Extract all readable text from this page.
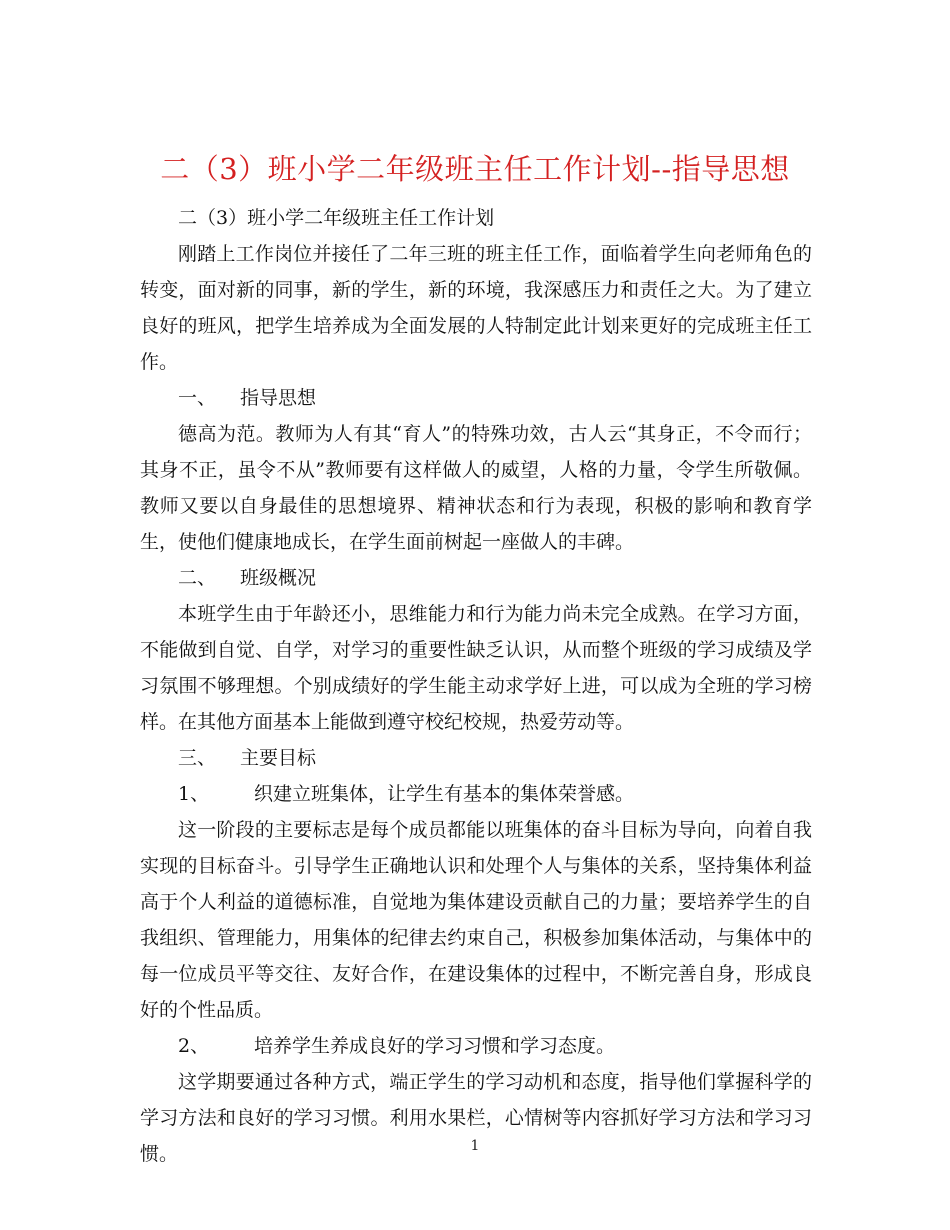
二（3）班小学二年级班主任工作计划--指导思想

二（3）班小学二年级班主任工作计划

刚踏上工作岗位并接任了二年三班的班主任工作，面临着学生向老师角色的转变，面对新的同事，新的学生，新的环境，我深感压力和责任之大。为了建立良好的班风，把学生培养成为全面发展的人特制定此计划来更好的完成班主任工作。

一、 指导思想

德高为范。教师为人有其“育人”的特殊功效，古人云“其身正，不令而行；其身不正，虽令不从”教师要有这样做人的威望，人格的力量，令学生所敬佩。教师又要以自身最佳的思想境界、精神状态和行为表现，积极的影响和教育学生，使他们健康地成长，在学生面前树起一座做人的丰碑。

二、 班级概况

本班学生由于年龄还小，思维能力和行为能力尚未完全成熟。在学习方面，不能做到自觉、自学，对学习的重要性缺乏认识，从而整个班级的学习成绩及学习氛围不够理想。个别成绩好的学生能主动求学好上进，可以成为全班的学习榜样。在其他方面基本上能做到遵守校纪校规，热爱劳动等。

三、 主要目标

1、 织建立班集体，让学生有基本的集体荣誉感。

这一阶段的主要标志是每个成员都能以班集体的奋斗目标为导向，向着自我实现的目标奋斗。引导学生正确地认识和处理个人与集体的关系，坚持集体利益高于个人利益的道德标准，自觉地为集体建设贡献自己的力量；要培养学生的自我组织、管理能力，用集体的纪律去约束自己，积极参加集体活动，与集体中的每一位成员平等交往、友好合作，在建设集体的过程中，不断完善自身，形成良好的个性品质。

2、 培养学生养成良好的学习习惯和学习态度。

这学期要通过各种方式，端正学生的学习动机和态度，指导他们掌握科学的学习方法和良好的学习习惯。利用水果栏，心情树等内容抓好学习方法和学习习惯。	1
